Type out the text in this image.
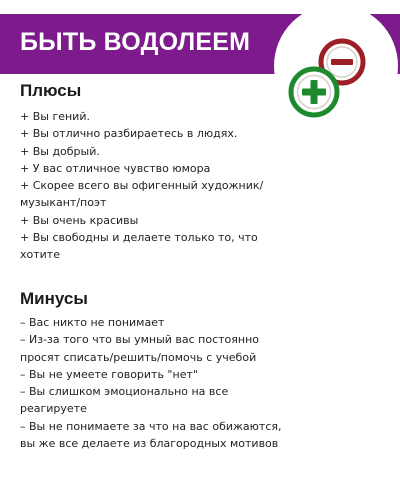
БЫТЬ ВОДОЛЕЕМ
Плюсы
+ Вы гений.
+ Вы отлично разбираетесь в людях.
+ Вы добрый.
+ У вас отличное чувство юмора
+ Скорее всего вы офигенный художник/ музыкант/поэт
+ Вы очень красивы
+ Вы свободны и делаете только то, что хотите
Минусы
– Вас никто не понимает
– Из-за того что вы умный вас постоянно просят списать/решить/помочь с учебой
– Вы не умеете говорить "нет"
– Вы слишком эмоционально на все реагируете
– Вы не понимаете за что на вас обижаются, вы же все делаете из благородных мотивов
